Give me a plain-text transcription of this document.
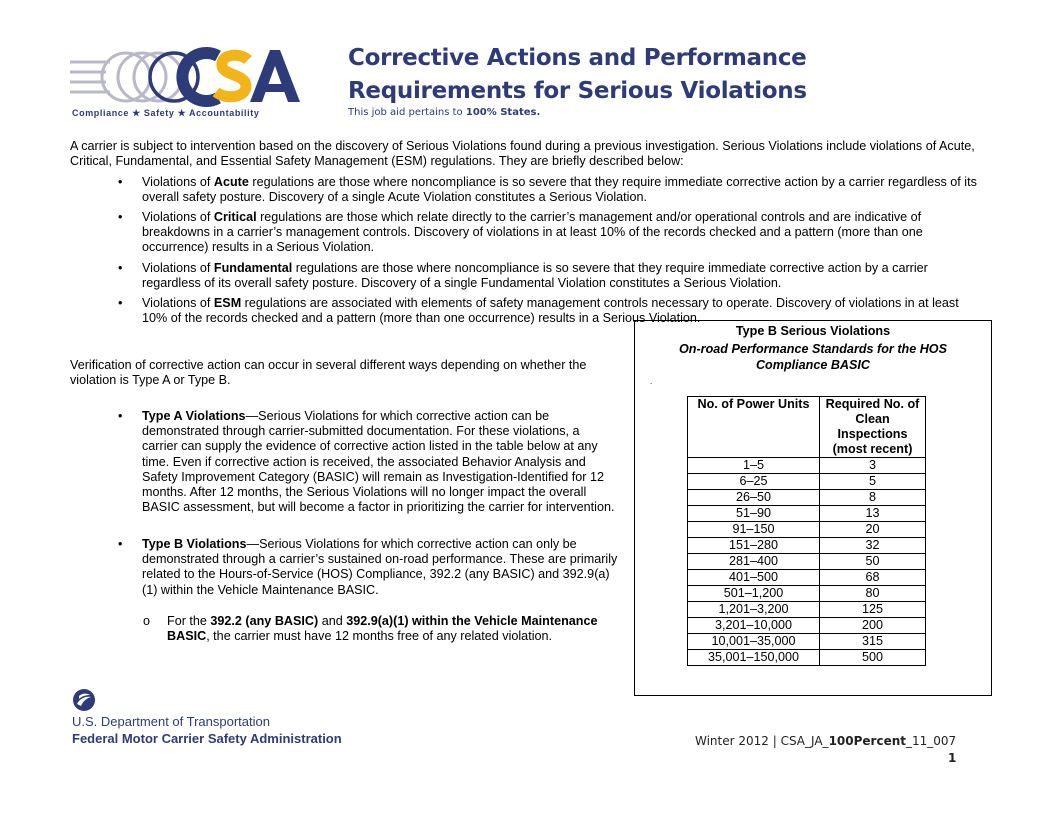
Compliance ★ Safety ★ Accountability
Corrective Actions and Performance
Requirements for Serious Violations
This job aid pertains to 100% States.
A carrier is subject to intervention based on the discovery of Serious Violations found during a previous investigation. Serious Violations include violations of Acute, Critical, Fundamental, and Essential Safety Management (ESM) regulations. They are briefly described below:
• Violations of Acute regulations are those where noncompliance is so severe that they require immediate corrective action by a carrier regardless of its overall safety posture. Discovery of a single Acute Violation constitutes a Serious Violation.
• Violations of Critical regulations are those which relate directly to the carrier’s management and/or operational controls and are indicative of breakdowns in a carrier’s management controls. Discovery of violations in at least 10% of the records checked and a pattern (more than one occurrence) results in a Serious Violation.
• Violations of Fundamental regulations are those where noncompliance is so severe that they require immediate corrective action by a carrier regardless of its overall safety posture. Discovery of a single Fundamental Violation constitutes a Serious Violation.
• Violations of ESM regulations are associated with elements of safety management controls necessary to operate. Discovery of violations in at least 10% of the records checked and a pattern (more than one occurrence) results in a Serious Violation.
Verification of corrective action can occur in several different ways depending on whether the violation is Type A or Type B.
• Type A Violations—Serious Violations for which corrective action can be demonstrated through carrier-submitted documentation. For these violations, a carrier can supply the evidence of corrective action listed in the table below at any time. Even if corrective action is received, the associated Behavior Analysis and Safety Improvement Category (BASIC) will remain as Investigation-Identified for 12 months. After 12 months, the Serious Violations will no longer impact the overall BASIC assessment, but will become a factor in prioritizing the carrier for intervention.
• Type B Violations—Serious Violations for which corrective action can only be demonstrated through a carrier’s sustained on-road performance. These are primarily related to the Hours-of-Service (HOS) Compliance, 392.2 (any BASIC) and 392.9(a)(1) within the Vehicle Maintenance BASIC.
o For the 392.2 (any BASIC) and 392.9(a)(1) within the Vehicle Maintenance BASIC, the carrier must have 12 months free of any related violation.
Type B Serious Violations
On-road Performance Standards for the HOS Compliance BASIC
.
No. of Power Units	Required No. of Clean Inspections (most recent)
1–5	3
6–25	5
26–50	8
51–90	13
91–150	20
151–280	32
281–400	50
401–500	68
501–1,200	80
1,201–3,200	125
3,201–10,000	200
10,001–35,000	315
35,001–150,000	500
U.S. Department of Transportation
Federal Motor Carrier Safety Administration	Winter 2012 | CSA_JA_100Percent_11_007
1
